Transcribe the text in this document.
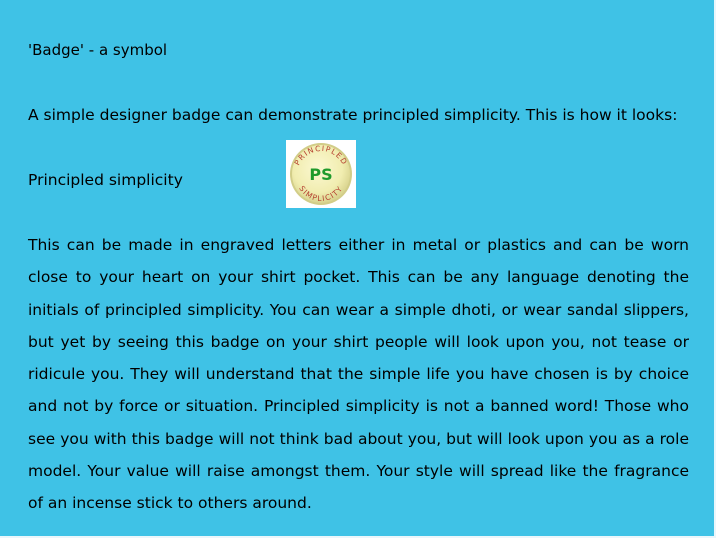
'Badge' - a symbol
A simple designer badge can demonstrate principled simplicity. This is how it looks:
Principled simplicity
PRINCIPLED
SIMPLICITY
PS
This can be made in engraved letters either in metal or plastics and can be worn close to your heart on your shirt pocket. This can be any language denoting the initials of principled simplicity. You can wear a simple dhoti, or wear sandal slippers, but yet by seeing this badge on your shirt people will look upon you, not tease or ridicule you. They will understand that the simple life you have chosen is by choice and not by force or situation. Principled simplicity is not a banned word! Those who see you with this badge will not think bad about you, but will look upon you as a role model. Your value will raise amongst them. Your style will spread like the fragrance of an incense stick to others around.
